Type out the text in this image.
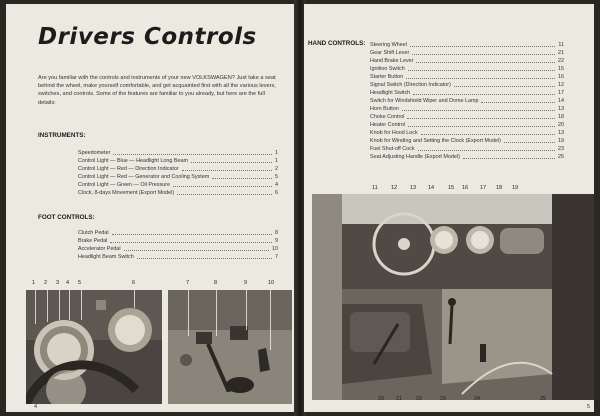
Drivers Controls
Are you familiar with the controls and instruments of your new VOLKSWAGEN? Just take a seat behind the wheel, make yourself comfortable, and get acquainted first with all the various levers, switches, and controls. Some of the features are familiar to you already, but here are the full details:
INSTRUMENTS:
Speedometer	1
Control Light — Blue — Headlight Long Beam	1
Control Light — Red — Direction Indicator	2
Control Light — Red — Generator and Cooling System	5
Control Light — Green — Oil Pressure	4
Clock, 8-days Movement (Export Model)	6
FOOT CONTROLS:
Clutch Pedal	8
Brake Pedal	9
Accelerator Pedal	10
Headlight Beam Switch	7
1 2 3 4 5	6	7	8	9	10
4
HAND CONTROLS: Steering Wheel	11
Gear Shift Lever	21
Hand Brake Lever	22
Ignition Switch	15
Starter Button	16
Signal Switch (Direction Indicator)	12
Headlight Switch	17
Switch for Windshield Wiper and Dome Lamp	14
Horn Button	13
Choke Control	18
Heater Control	20
Knob for Hood Lock	13
Knob for Winding and Setting the Clock (Export Model)	19
Fuel Shut-off Cock	23
Seat Adjusting Handle (Export Model)	25
11 12 13 14	15 16 17 18 19
20 21	22	23	24	25
5
